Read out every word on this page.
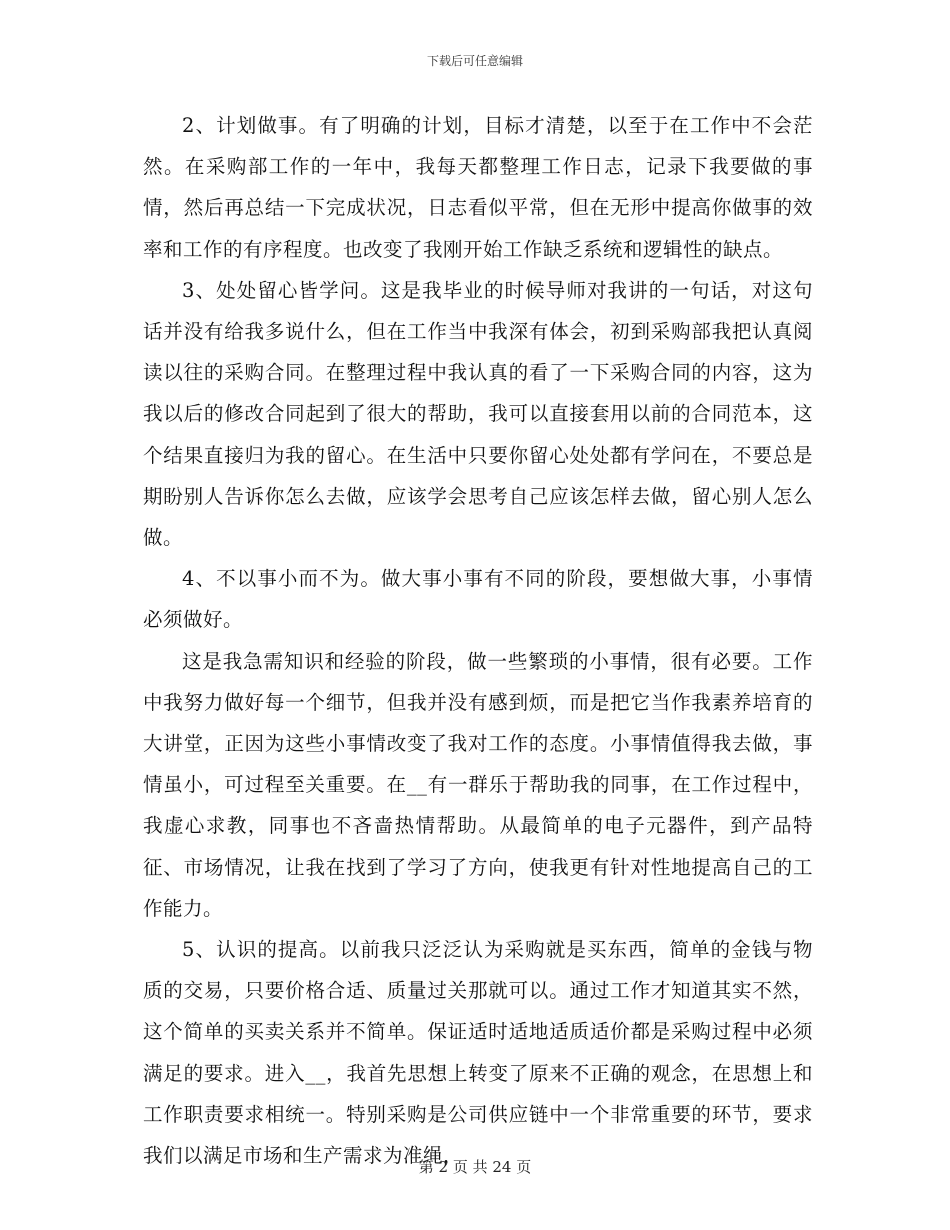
下载后可任意编辑

2、计划做事。有了明确的计划，目标才清楚，以至于在工作中不会茫然。在采购部工作的一年中，我每天都整理工作日志，记录下我要做的事情，然后再总结一下完成状况，日志看似平常，但在无形中提高你做事的效率和工作的有序程度。也改变了我刚开始工作缺乏系统和逻辑性的缺点。

3、处处留心皆学问。这是我毕业的时候导师对我讲的一句话，对这句话并没有给我多说什么，但在工作当中我深有体会，初到采购部我把认真阅读以往的采购合同。在整理过程中我认真的看了一下采购合同的内容，这为我以后的修改合同起到了很大的帮助，我可以直接套用以前的合同范本，这个结果直接归为我的留心。在生活中只要你留心处处都有学问在，不要总是期盼别人告诉你怎么去做，应该学会思考自己应该怎样去做，留心别人怎么做。

4、不以事小而不为。做大事小事有不同的阶段，要想做大事，小事情必须做好。

这是我急需知识和经验的阶段，做一些繁琐的小事情，很有必要。工作中我努力做好每一个细节，但我并没有感到烦，而是把它当作我素养培育的大讲堂，正因为这些小事情改变了我对工作的态度。小事情值得我去做，事情虽小，可过程至关重要。在__有一群乐于帮助我的同事，在工作过程中，我虚心求教，同事也不吝啬热情帮助。从最简单的电子元器件，到产品特征、市场情况，让我在找到了学习了方向，使我更有针对性地提高自己的工作能力。

5、认识的提高。以前我只泛泛认为采购就是买东西，简单的金钱与物质的交易，只要价格合适、质量过关那就可以。通过工作才知道其实不然，这个简单的买卖关系并不简单。保证适时适地适质适价都是采购过程中必须满足的要求。进入__，我首先思想上转变了原来不正确的观念，在思想上和工作职责要求相统一。特别采购是公司供应链中一个非常重要的环节，要求我们以满足市场和生产需求为准绳，

第 2 页 共 24 页
